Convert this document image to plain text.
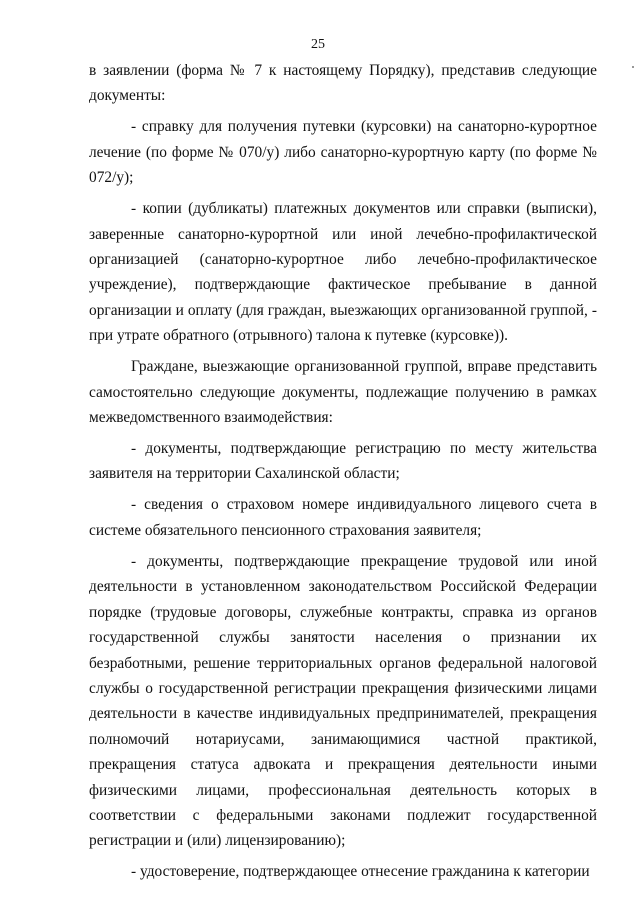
25

в заявлении (форма № 7 к настоящему Порядку), представив следующие документы:

- справку для получения путевки (курсовки) на санаторно-курортное лечение (по форме № 070/у) либо санаторно-курортную карту (по форме № 072/у);

- копии (дубликаты) платежных документов или справки (выписки), заверенные санаторно-курортной или иной лечебно-профилактической организацией (санаторно-курортное либо лечебно-профилактическое учреждение), подтверждающие фактическое пребывание в данной организации и оплату (для граждан, выезжающих организованной группой, - при утрате обратного (отрывного) талона к путевке (курсовке)).

Граждане, выезжающие организованной группой, вправе представить самостоятельно следующие документы, подлежащие получению в рамках межведомственного взаимодействия:

- документы, подтверждающие регистрацию по месту жительства заявителя на территории Сахалинской области;

- сведения о страховом номере индивидуального лицевого счета в системе обязательного пенсионного страхования заявителя;

- документы, подтверждающие прекращение трудовой или иной деятельности в установленном законодательством Российской Федерации порядке (трудовые договоры, служебные контракты, справка из органов государственной службы занятости населения о признании их безработными, решение территориальных органов федеральной налоговой службы о государственной регистрации прекращения физическими лицами деятельности в качестве индивидуальных предпринимателей, прекращения полномочий нотариусами, занимающимися частной практикой, прекращения статуса адвоката и прекращения деятельности иными физическими лицами, профессиональная деятельность которых в соответствии с федеральными законами подлежит государственной регистрации и (или) лицензированию);

- удостоверение, подтверждающее отнесение гражданина к категории
